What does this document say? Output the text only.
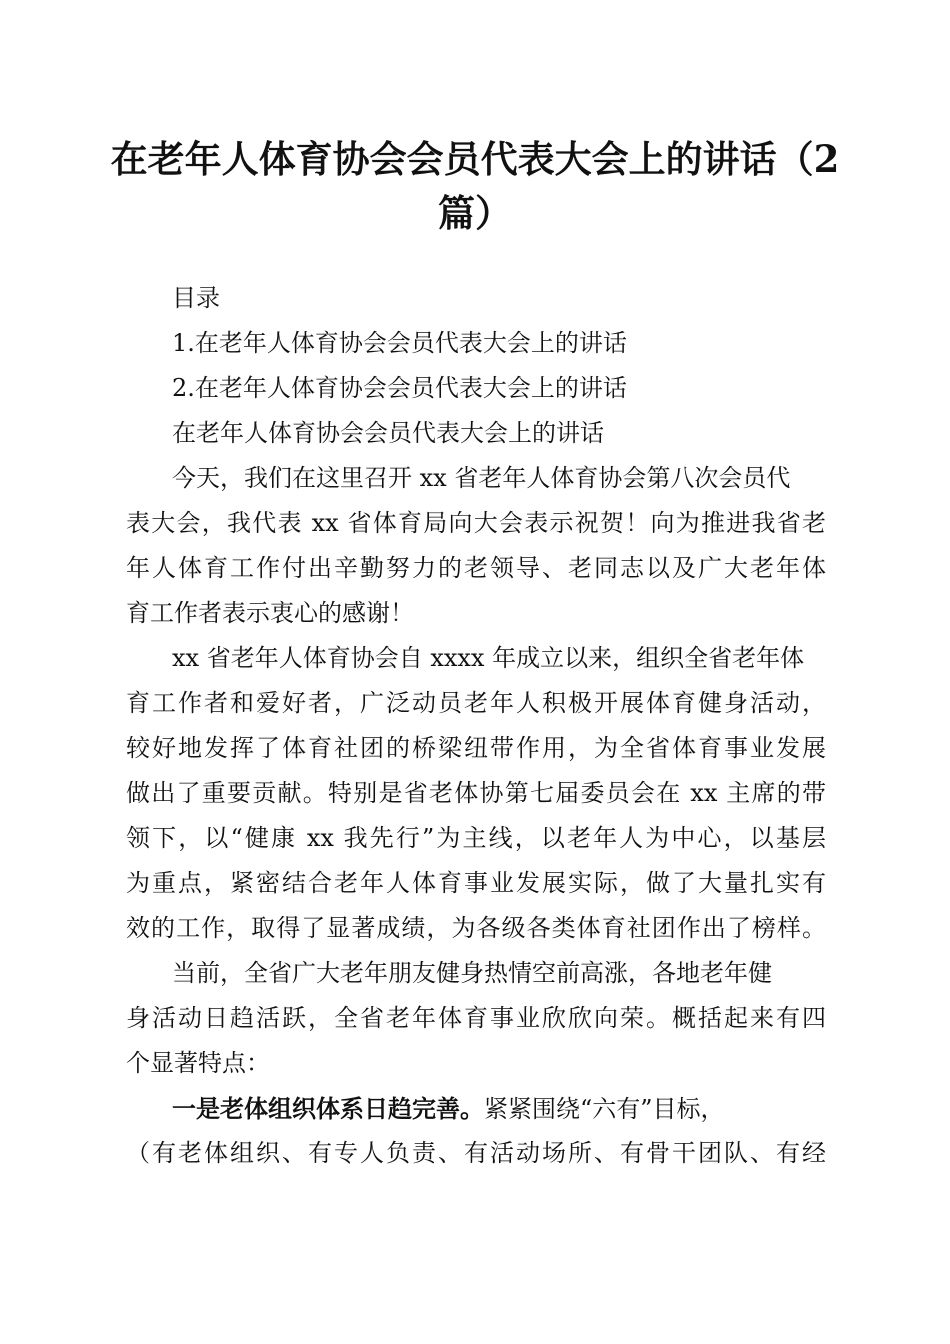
在老年人体育协会会员代表大会上的讲话（2
篇）
目录
1.在老年人体育协会会员代表大会上的讲话
2.在老年人体育协会会员代表大会上的讲话
在老年人体育协会会员代表大会上的讲话
今天，我们在这里召开 xx 省老年人体育协会第八次会员代
表大会，我代表 xx 省体育局向大会表示祝贺！向为推进我省老
年人体育工作付出辛勤努力的老领导、老同志以及广大老年体
育工作者表示衷心的感谢！
xx 省老年人体育协会自 xxxx 年成立以来，组织全省老年体
育工作者和爱好者，广泛动员老年人积极开展体育健身活动，
较好地发挥了体育社团的桥梁纽带作用，为全省体育事业发展
做出了重要贡献。特别是省老体协第七届委员会在 xx 主席的带
领下，以“健康 xx 我先行”为主线，以老年人为中心，以基层
为重点，紧密结合老年人体育事业发展实际，做了大量扎实有
效的工作，取得了显著成绩，为各级各类体育社团作出了榜样。
当前，全省广大老年朋友健身热情空前高涨，各地老年健
身活动日趋活跃，全省老年体育事业欣欣向荣。概括起来有四
个显著特点：
一是老体组织体系日趋完善。紧紧围绕“六有”目标，
（有老体组织、有专人负责、有活动场所、有骨干团队、有经
